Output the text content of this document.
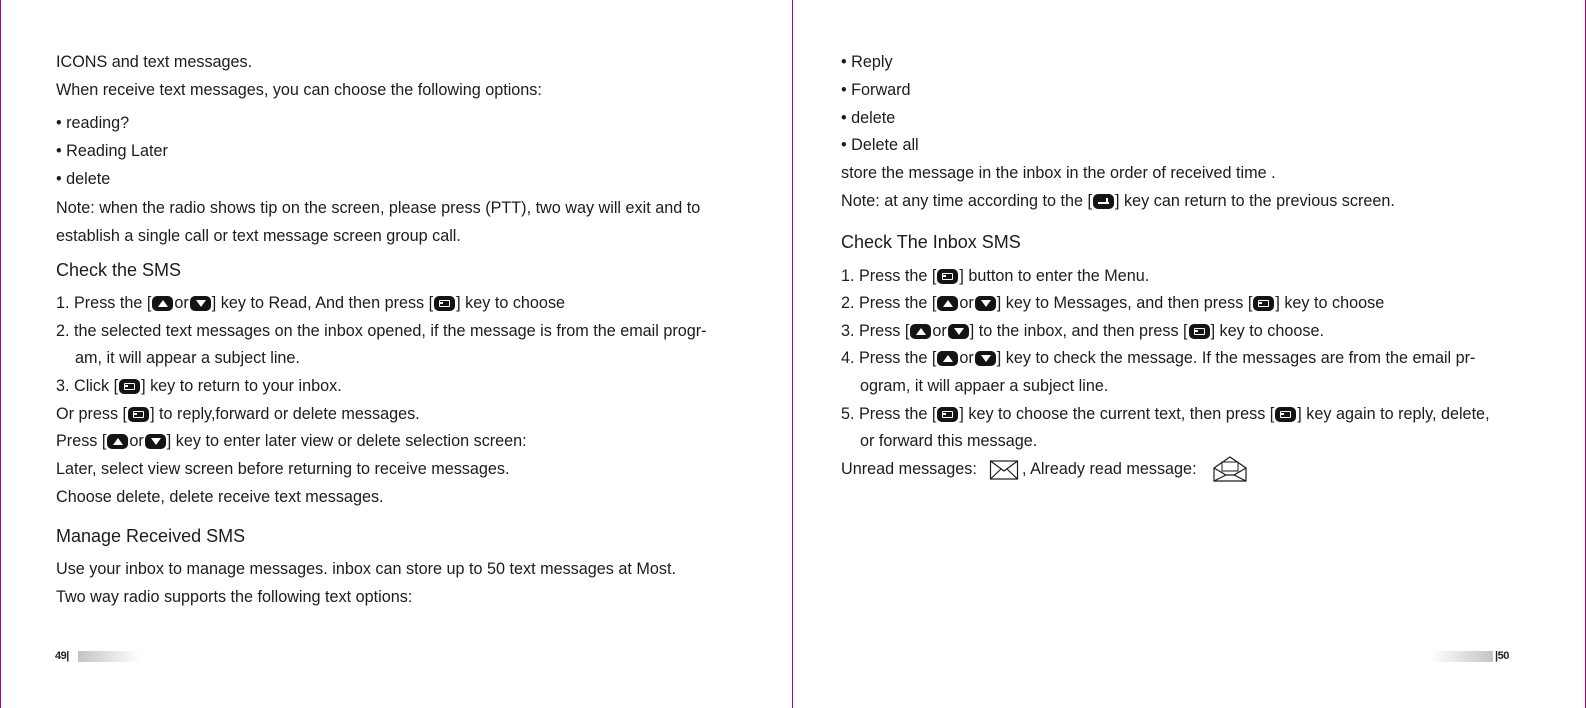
ICONS and text messages.
When receive text messages, you can choose the following options:
• reading?
• Reading Later
• delete
Note: when the radio shows tip on the screen, please press (PTT), two way will exit and to
establish a single call or text message screen group call.
Check the SMS
1. Press the [ or ] key to Read, And then press [ ] key to choose
2. the selected text messages on the inbox opened, if the message is from the email progr-
am, it will appear a subject line.
3. Click [ ] key to return to your inbox.
Or press [ ] to reply,forward or delete messages.
Press [ or ] key to enter later view or delete selection screen:
Later, select view screen before returning to receive messages.
Choose delete, delete receive text messages.
Manage Received SMS
Use your inbox to manage messages. inbox can store up to 50 text messages at Most.
Two way radio supports the following text options:
49|
• Reply
• Forward
• delete
• Delete all
store the message in the inbox in the order of received time .
Note: at any time according to the [ ] key can return to the previous screen.
Check The Inbox SMS
1. Press the [ ] button to enter the Menu.
2. Press the [ or ] key to Messages, and then press [ ] key to choose
3. Press [ or ] to the inbox, and then press [ ] key to choose.
4. Press the [ or ] key to check the message. If the messages are from the email pr-
ogram, it will appaer a subject line.
5. Press the [ ] key to choose the current text, then press [ ] key again to reply, delete,
or forward this message.
Unread messages:	, Already read message:
|50
